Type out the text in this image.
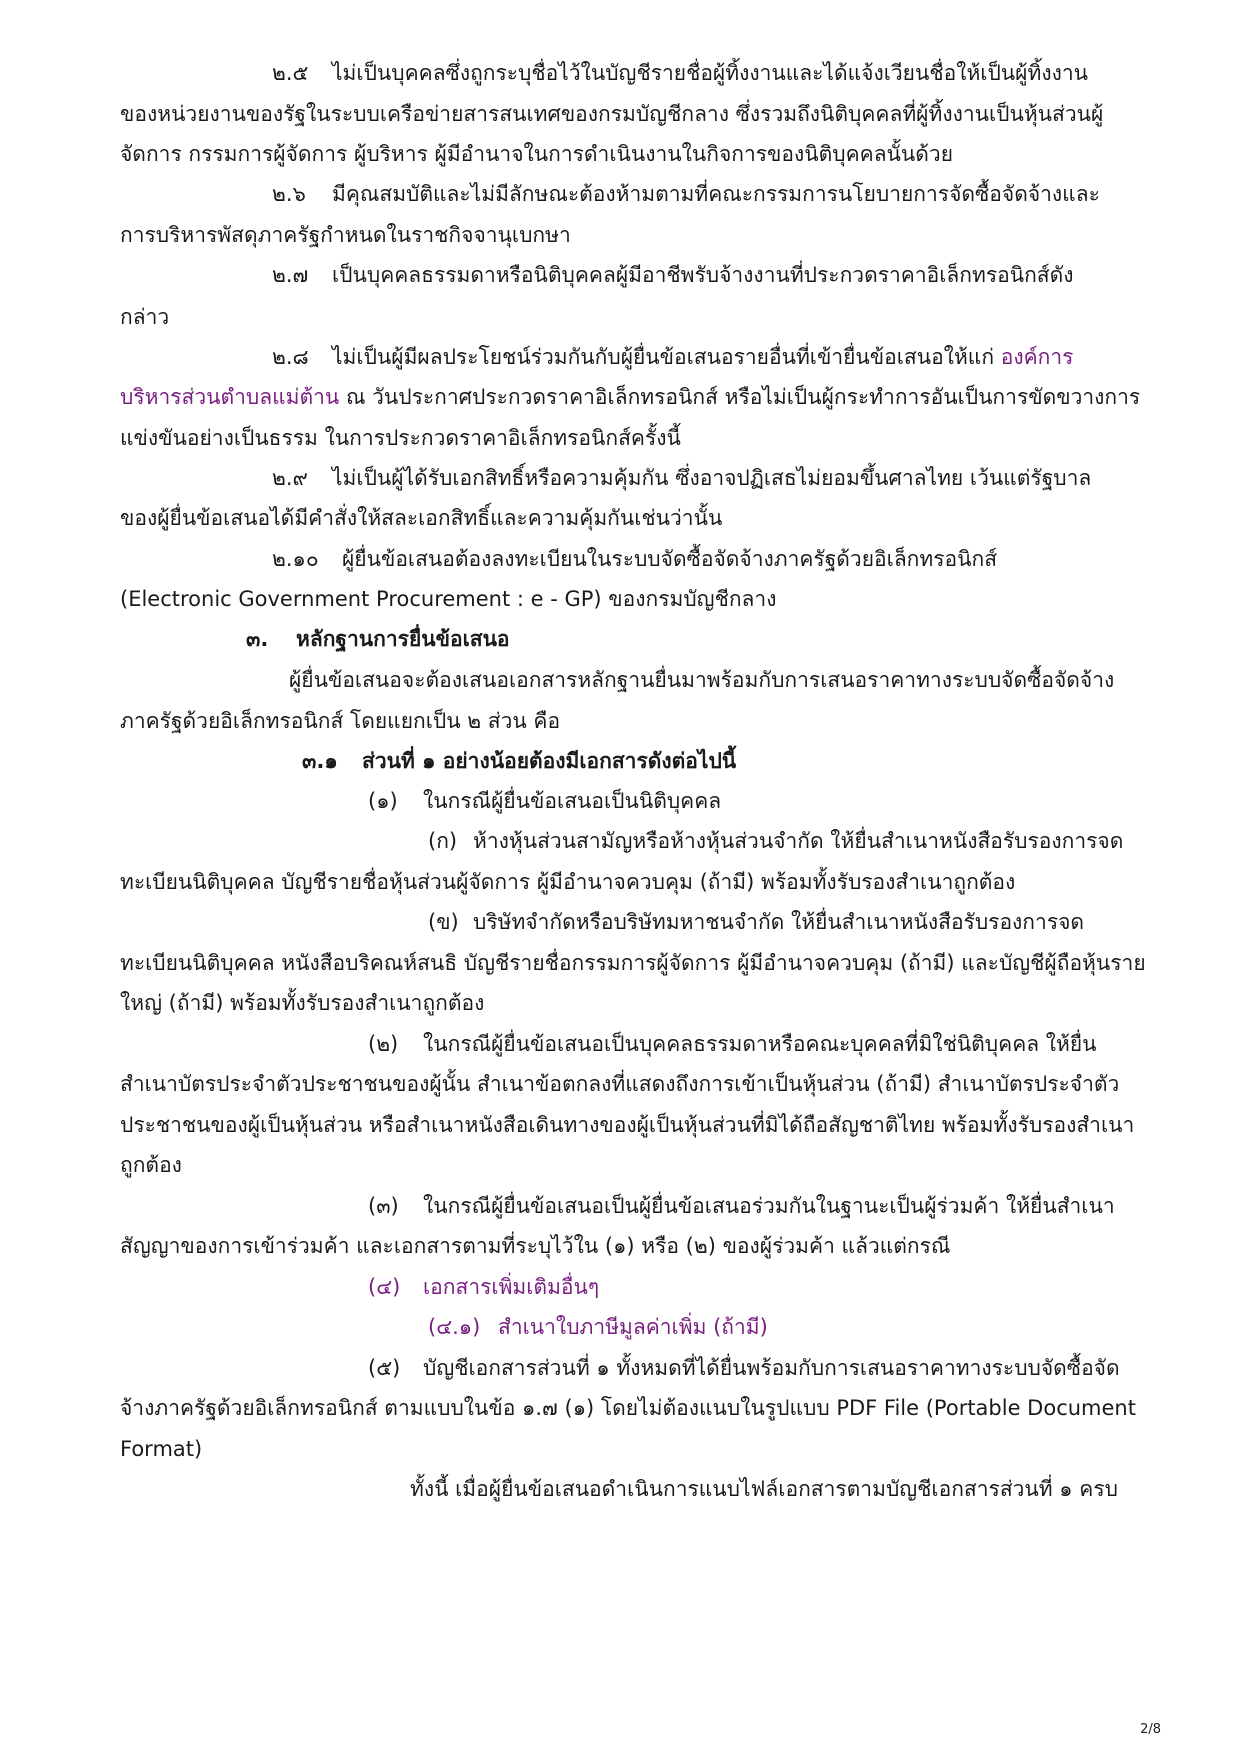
๒.๕ ไม่เป็นบุคคลซึ่งถูกระบุชื่อไว้ในบัญชีรายชื่อผู้ทิ้งงานและได้แจ้งเวียนชื่อให้เป็นผู้ทิ้งงาน
ของหน่วยงานของรัฐในระบบเครือข่ายสารสนเทศของกรมบัญชีกลาง ซึ่งรวมถึงนิติบุคคลที่ผู้ทิ้งงานเป็นหุ้นส่วนผู้
จัดการ กรรมการผู้จัดการ ผู้บริหาร ผู้มีอำนาจในการดำเนินงานในกิจการของนิติบุคคลนั้นด้วย
๒.๖ มีคุณสมบัติและไม่มีลักษณะต้องห้ามตามที่คณะกรรมการนโยบายการจัดซื้อจัดจ้างและ
การบริหารพัสดุภาครัฐกำหนดในราชกิจจานุเบกษา
๒.๗ เป็นบุคคลธรรมดาหรือนิติบุคคลผู้มีอาชีพรับจ้างงานที่ประกวดราคาอิเล็กทรอนิกส์ดัง
กล่าว
๒.๘ ไม่เป็นผู้มีผลประโยชน์ร่วมกันกับผู้ยื่นข้อเสนอรายอื่นที่เข้ายื่นข้อเสนอให้แก่ องค์การ
บริหารส่วนตำบลแม่ต้าน ณ วันประกาศประกวดราคาอิเล็กทรอนิกส์ หรือไม่เป็นผู้กระทำการอันเป็นการขัดขวางการ
แข่งขันอย่างเป็นธรรม ในการประกวดราคาอิเล็กทรอนิกส์ครั้งนี้
๒.๙ ไม่เป็นผู้ได้รับเอกสิทธิ์หรือความคุ้มกัน ซึ่งอาจปฏิเสธไม่ยอมขึ้นศาลไทย เว้นแต่รัฐบาล
ของผู้ยื่นข้อเสนอได้มีคำสั่งให้สละเอกสิทธิ์และความคุ้มกันเช่นว่านั้น
๒.๑๐ ผู้ยื่นข้อเสนอต้องลงทะเบียนในระบบจัดซื้อจัดจ้างภาครัฐด้วยอิเล็กทรอนิกส์
(Electronic Government Procurement : e - GP) ของกรมบัญชีกลาง
๓. หลักฐานการยื่นข้อเสนอ
ผู้ยื่นข้อเสนอจะต้องเสนอเอกสารหลักฐานยื่นมาพร้อมกับการเสนอราคาทางระบบจัดซื้อจัดจ้าง
ภาครัฐด้วยอิเล็กทรอนิกส์ โดยแยกเป็น ๒ ส่วน คือ
๓.๑ ส่วนที่ ๑ อย่างน้อยต้องมีเอกสารดังต่อไปนี้
(๑) ในกรณีผู้ยื่นข้อเสนอเป็นนิติบุคคล
(ก) ห้างหุ้นส่วนสามัญหรือห้างหุ้นส่วนจำกัด ให้ยื่นสำเนาหนังสือรับรองการจด
ทะเบียนนิติบุคคล บัญชีรายชื่อหุ้นส่วนผู้จัดการ ผู้มีอำนาจควบคุม (ถ้ามี) พร้อมทั้งรับรองสำเนาถูกต้อง
(ข) บริษัทจำกัดหรือบริษัทมหาชนจำกัด ให้ยื่นสำเนาหนังสือรับรองการจด
ทะเบียนนิติบุคคล หนังสือบริคณห์สนธิ บัญชีรายชื่อกรรมการผู้จัดการ ผู้มีอำนาจควบคุม (ถ้ามี) และบัญชีผู้ถือหุ้นราย
ใหญ่ (ถ้ามี) พร้อมทั้งรับรองสำเนาถูกต้อง
(๒) ในกรณีผู้ยื่นข้อเสนอเป็นบุคคลธรรมดาหรือคณะบุคคลที่มิใช่นิติบุคคล ให้ยื่น
สำเนาบัตรประจำตัวประชาชนของผู้นั้น สำเนาข้อตกลงที่แสดงถึงการเข้าเป็นหุ้นส่วน (ถ้ามี) สำเนาบัตรประจำตัว
ประชาชนของผู้เป็นหุ้นส่วน หรือสำเนาหนังสือเดินทางของผู้เป็นหุ้นส่วนที่มิได้ถือสัญชาติไทย พร้อมทั้งรับรองสำเนา
ถูกต้อง
(๓) ในกรณีผู้ยื่นข้อเสนอเป็นผู้ยื่นข้อเสนอร่วมกันในฐานะเป็นผู้ร่วมค้า ให้ยื่นสำเนา
สัญญาของการเข้าร่วมค้า และเอกสารตามที่ระบุไว้ใน (๑) หรือ (๒) ของผู้ร่วมค้า แล้วแต่กรณี
(๔) เอกสารเพิ่มเติมอื่นๆ
(๔.๑) สำเนาใบภาษีมูลค่าเพิ่ม (ถ้ามี)
(๕) บัญชีเอกสารส่วนที่ ๑ ทั้งหมดที่ได้ยื่นพร้อมกับการเสนอราคาทางระบบจัดซื้อจัด
จ้างภาครัฐด้วยอิเล็กทรอนิกส์ ตามแบบในข้อ ๑.๗ (๑) โดยไม่ต้องแนบในรูปแบบ PDF File (Portable Document
Format)
ทั้งนี้ เมื่อผู้ยื่นข้อเสนอดำเนินการแนบไฟล์เอกสารตามบัญชีเอกสารส่วนที่ ๑ ครบ
2/8
